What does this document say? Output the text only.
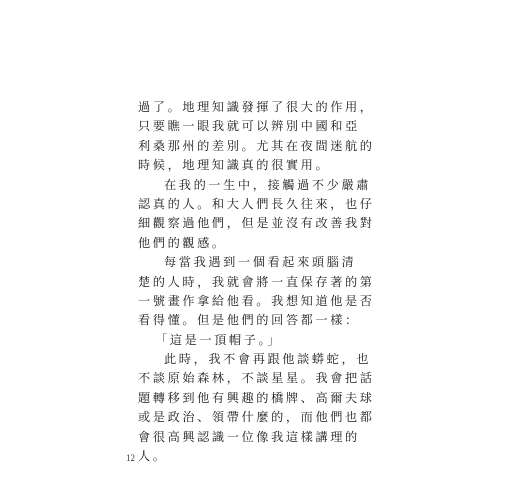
過了。地理知識發揮了很大的作用，
只要瞧一眼我就可以辨別中國和亞
利桑那州的差別。尤其在夜間迷航的
時候，地理知識真的很實用。
在我的一生中，接觸過不少嚴肅
認真的人。和大人們長久往來，也仔
細觀察過他們，但是並沒有改善我對
他們的觀感。
每當我遇到一個看起來頭腦清
楚的人時，我就會將一直保存著的第
一號畫作拿給他看。我想知道他是否
看得懂。但是他們的回答都一樣：
「這是一頂帽子。」
此時，我不會再跟他談蟒蛇，也
不談原始森林，不談星星。我會把話
題轉移到他有興趣的橋牌、高爾夫球
或是政治、領帶什麼的，而他們也都
會很高興認識一位像我這樣講理的
人。
12
